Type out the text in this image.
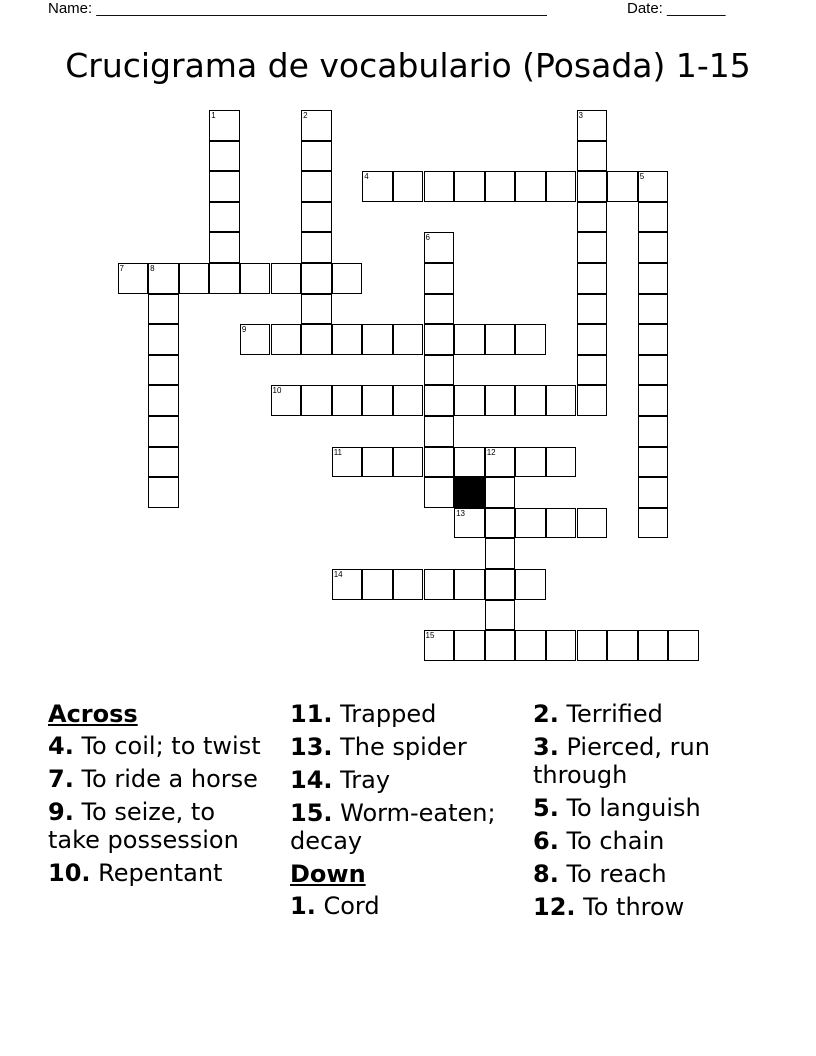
Name: ______________________________________________________	Date: _______
Crucigrama de vocabulario (Posada) 1-15
1	2	3
4	5
6
7	8
9
10
11	12
13
14
15
Across
4. To coil; to twist
7. To ride a horse
9. To seize, to take possession
10. Repentant
11. Trapped
13. The spider
14. Tray
15. Worm-eaten; decay
Down
1. Cord
2. Terrified
3. Pierced, run through
5. To languish
6. To chain
8. To reach
12. To throw
